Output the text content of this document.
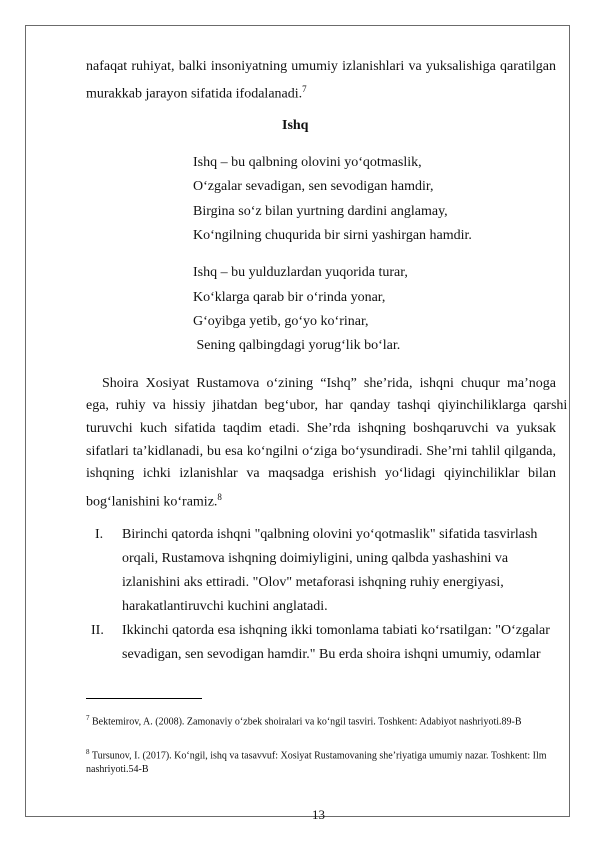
nafaqat ruhiyat, balki insoniyatning umumiy izlanishlari va yuksalishiga qaratilgan
murakkab jarayon sifatida ifodalanadi.$^7$
Ishq
Ishq – bu qalbning olovini yo‘qotmaslik,
O‘zgalar sevadigan, sen sevodigan hamdir,
Birgina so‘z bilan yurtning dardini anglamay,
Ko‘ngilning chuqurida bir sirni yashirgan hamdir.
Ishq – bu yulduzlardan yuqorida turar,
Ko‘klarga qarab bir o‘rinda yonar,
G‘oyibga yetib, go‘yo ko‘rinar,
Sening qalbingdagi yorug‘lik bo‘lar.
Shoira  Xosiyat  Rustamova  o‘zining  “Ishq”  she’rida,  ishqni  chuqur  ma’noga
ega,  ruhiy  va  hissiy  jihatdan  beg‘ubor,  har  qanday  tashqi  qiyinchiliklarga  qarshi
turuvchi  kuch  sifatida  taqdim  etadi.  She’rda  ishqning  boshqaruvchi  va  yuksak
sifatlari ta’kidlanadi, bu esa ko‘ngilni o‘ziga bo‘ysundiradi. She’rni tahlil qilganda,
ishqning  ichki  izlanishlar  va  maqsadga  erishish  yo‘lidagi  qiyinchiliklar  bilan
bog‘lanishini ko‘ramiz.$^8$
I. Birinchi qatorda ishqni "qalbning olovini yo‘qotmaslik" sifatida tasvirlash
orqali, Rustamova ishqning doimiyligini, uning qalbda yashashini va
izlanishini aks ettiradi. "Olov" metaforasi ishqning ruhiy energiyasi,
harakatlantiruvchi kuchini anglatadi.
II. Ikkinchi qatorda esa ishqning ikki tomonlama tabiati ko‘rsatilgan: "O‘zgalar
sevadigan, sen sevodigan hamdir." Bu erda shoira ishqni umumiy, odamlar
$^7$ Bektemirov, A. (2008). Zamonaviy o‘zbek shoiralari va ko‘ngil tasviri. Toshkent: Adabiyot nashriyoti.89-B
$^8$ Tursunov, I. (2017). Ko‘ngil, ishq va tasavvuf: Xosiyat Rustamovaning she’riyatiga umumiy nazar. Toshkent: Ilm nashriyoti.54-B
13
